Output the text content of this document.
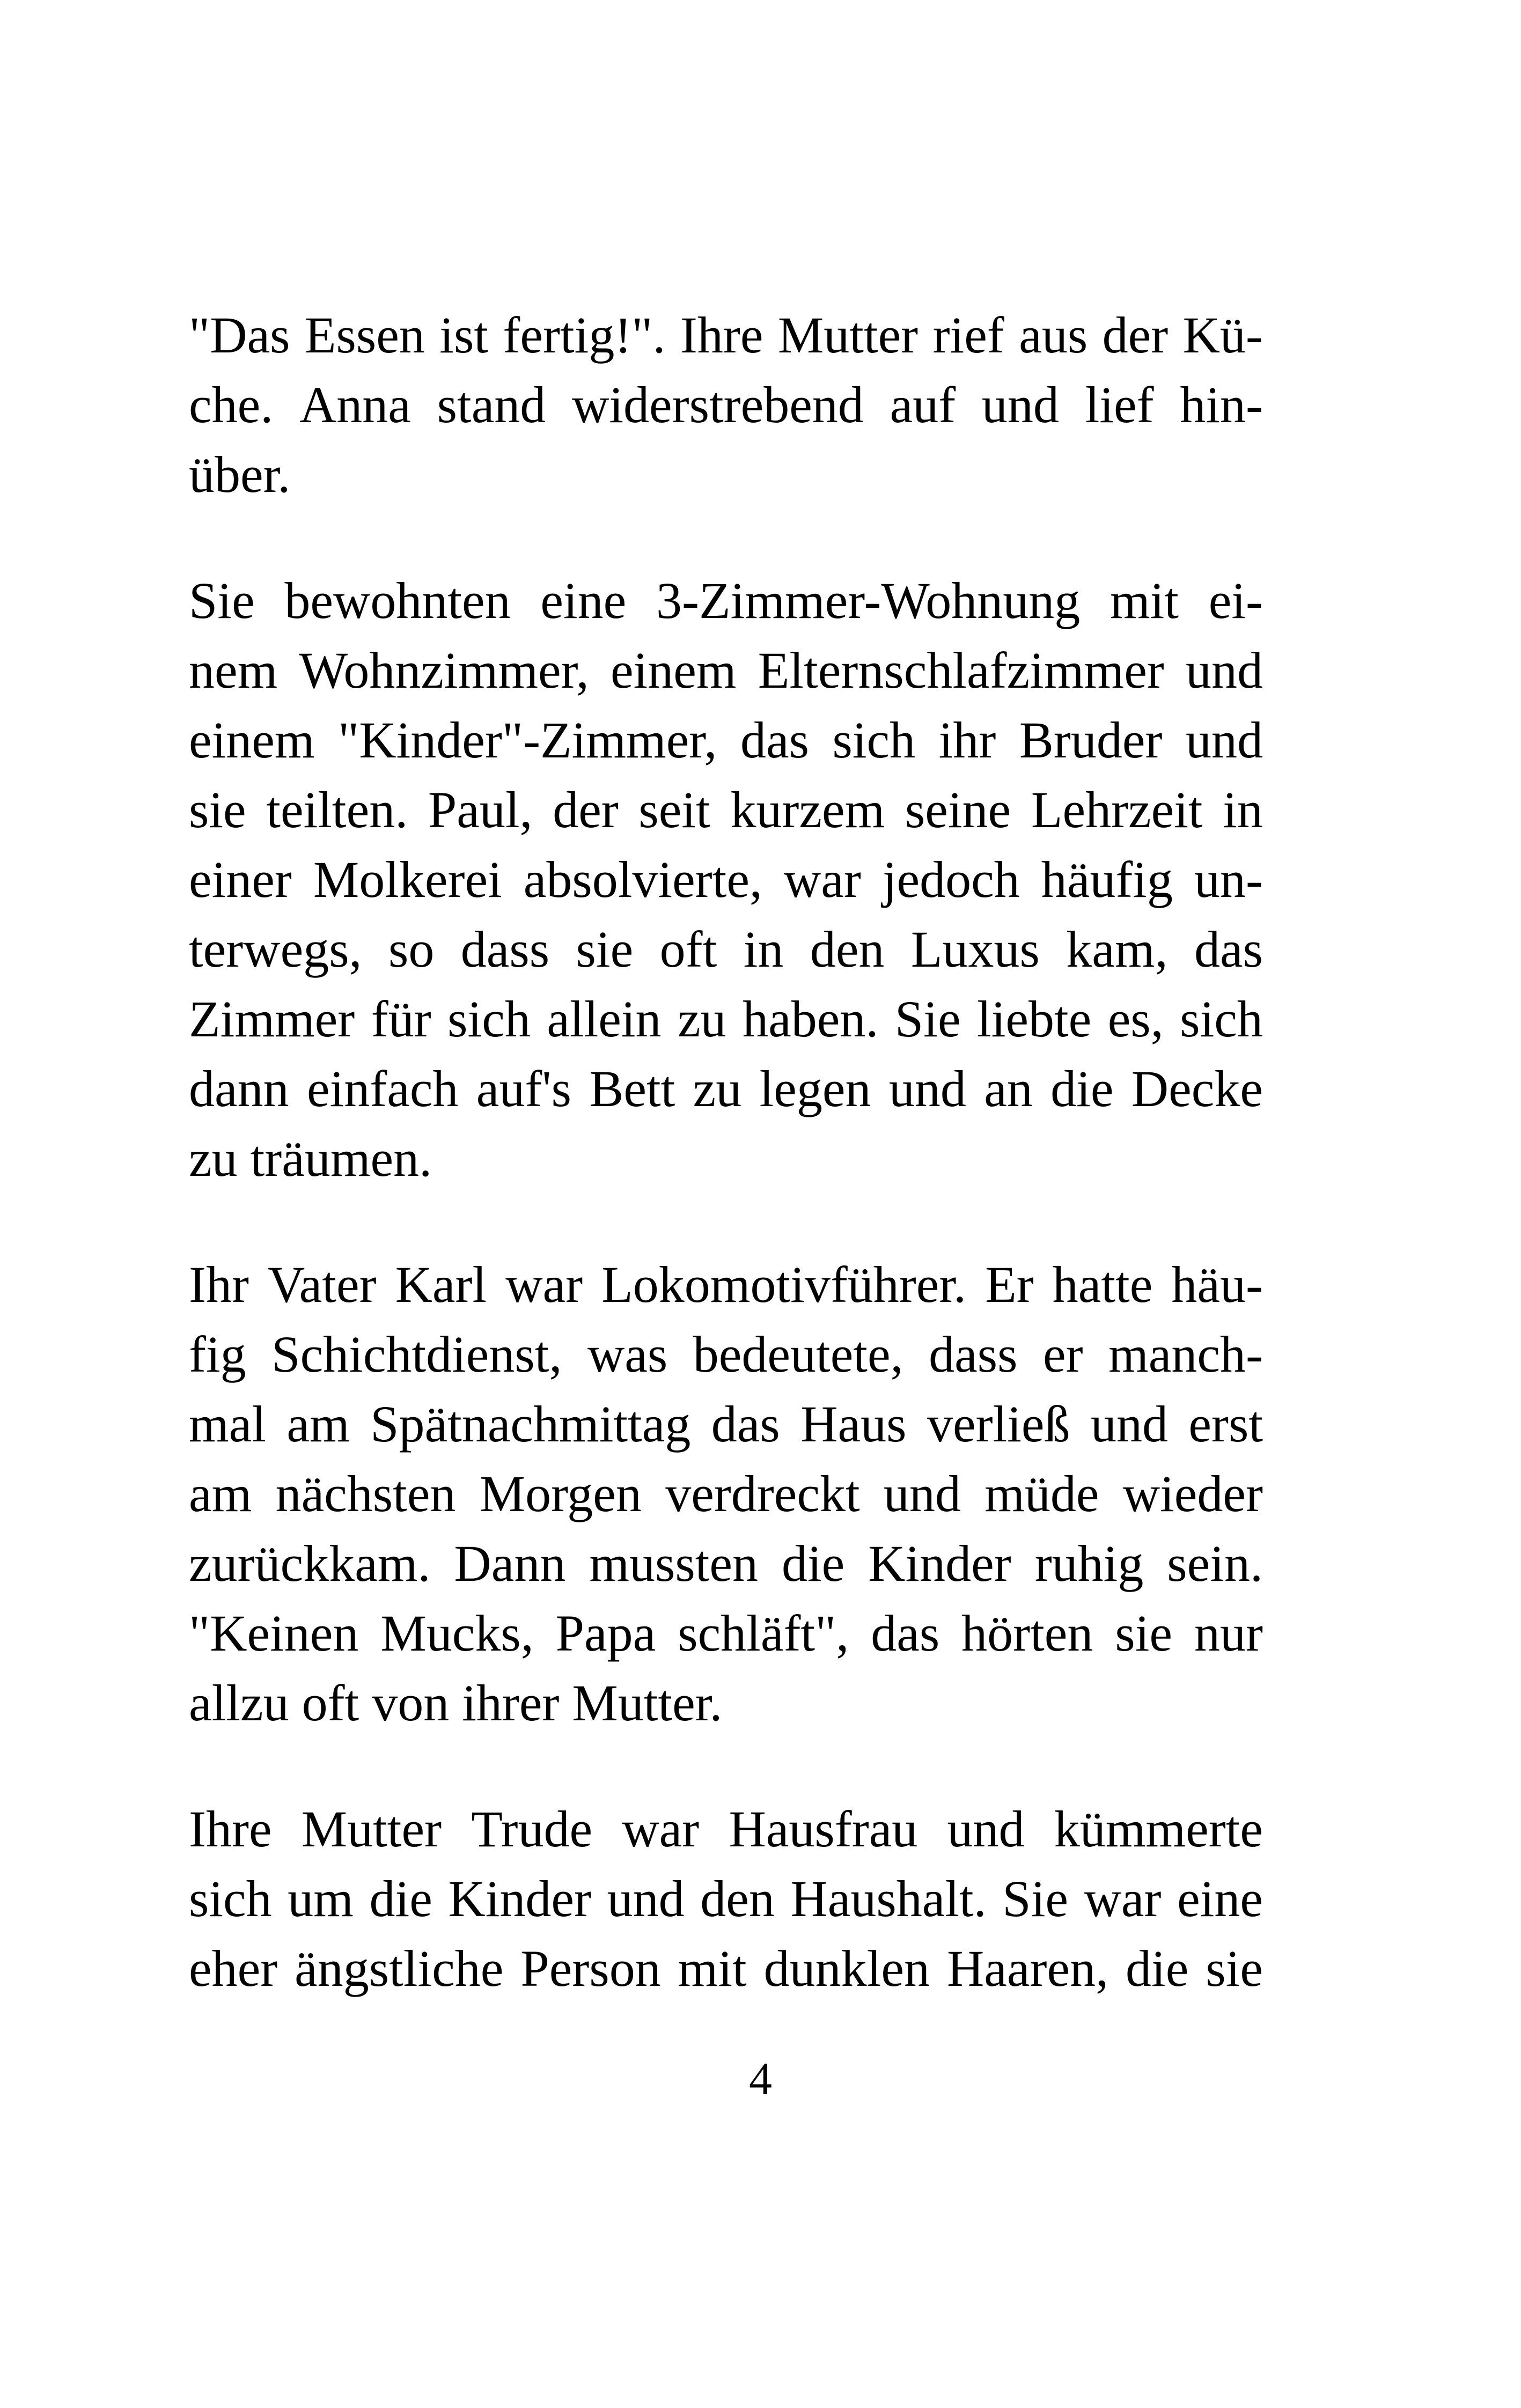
"Das Essen ist fertig!". Ihre Mutter rief aus der Kü-
che. Anna stand widerstrebend auf und lief hin-
über.
Sie bewohnten eine 3-Zimmer-Wohnung mit ei-
nem Wohnzimmer, einem Elternschlafzimmer und
einem "Kinder"-Zimmer, das sich ihr Bruder und
sie teilten. Paul, der seit kurzem seine Lehrzeit in
einer Molkerei absolvierte, war jedoch häufig un-
terwegs, so dass sie oft in den Luxus kam, das
Zimmer für sich allein zu haben. Sie liebte es, sich
dann einfach auf's Bett zu legen und an die Decke
zu träumen.
Ihr Vater Karl war Lokomotivführer. Er hatte häu-
fig Schichtdienst, was bedeutete, dass er manch-
mal am Spätnachmittag das Haus verließ und erst
am nächsten Morgen verdreckt und müde wieder
zurückkam. Dann mussten die Kinder ruhig sein.
"Keinen Mucks, Papa schläft", das hörten sie nur
allzu oft von ihrer Mutter.
Ihre Mutter Trude war Hausfrau und kümmerte
sich um die Kinder und den Haushalt. Sie war eine
eher ängstliche Person mit dunklen Haaren, die sie
4
